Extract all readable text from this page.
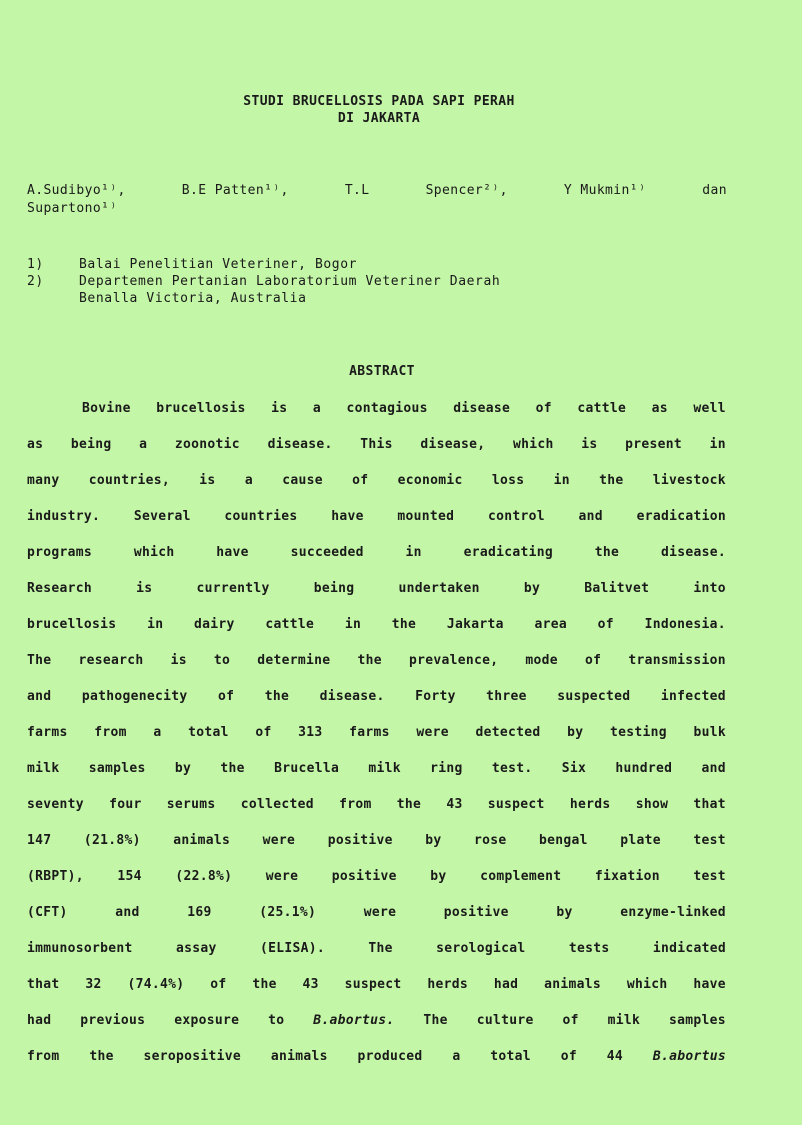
STUDI BRUCELLOSIS PADA SAPI PERAH
DI JAKARTA
A.Sudibyo¹⁾,	B.E Patten¹⁾,	T.L	Spencer²⁾,	Y Mukmin¹⁾	dan
Supartono¹⁾
1)	Balai Penelitian Veteriner, Bogor
2)	Departemen Pertanian Laboratorium Veteriner Daerah
Benalla Victoria, Australia
ABSTRACT
Bovine brucellosis is a contagious disease of cattle as well
as being a zoonotic disease. This disease, which is present in
many countries, is a cause of economic loss in the livestock
industry.	Several	countries	have	mounted	control	and	eradication
programs	which	have	succeeded	in	eradicating	the	disease.
Research	is	currently	being	undertaken	by	Balitvet	into
brucellosis in dairy cattle in the Jakarta area of Indonesia.
The research is to determine the prevalence, mode of transmission
and pathogenecity of the disease. Forty three suspected infected
farms from a total of 313 farms were detected by testing bulk
milk samples by the Brucella milk ring test. Six hundred and
seventy four serums collected from the 43 suspect herds show that
147	(21.8%)	animals	were	positive	by	rose	bengal	plate	test
(RBPT),	154	(22.8%)	were	positive	by	complement	fixation	test
(CFT)	and	169	(25.1%)	were	positive	by	enzyme-linked
immunosorbent	assay	(ELISA).	The	serological	tests	indicated
that 32 (74.4%) of the 43 suspect herds had animals which have
had previous exposure to B.abortus. The culture of milk samples
from the seropositive animals produced a total of 44 B.abortus
